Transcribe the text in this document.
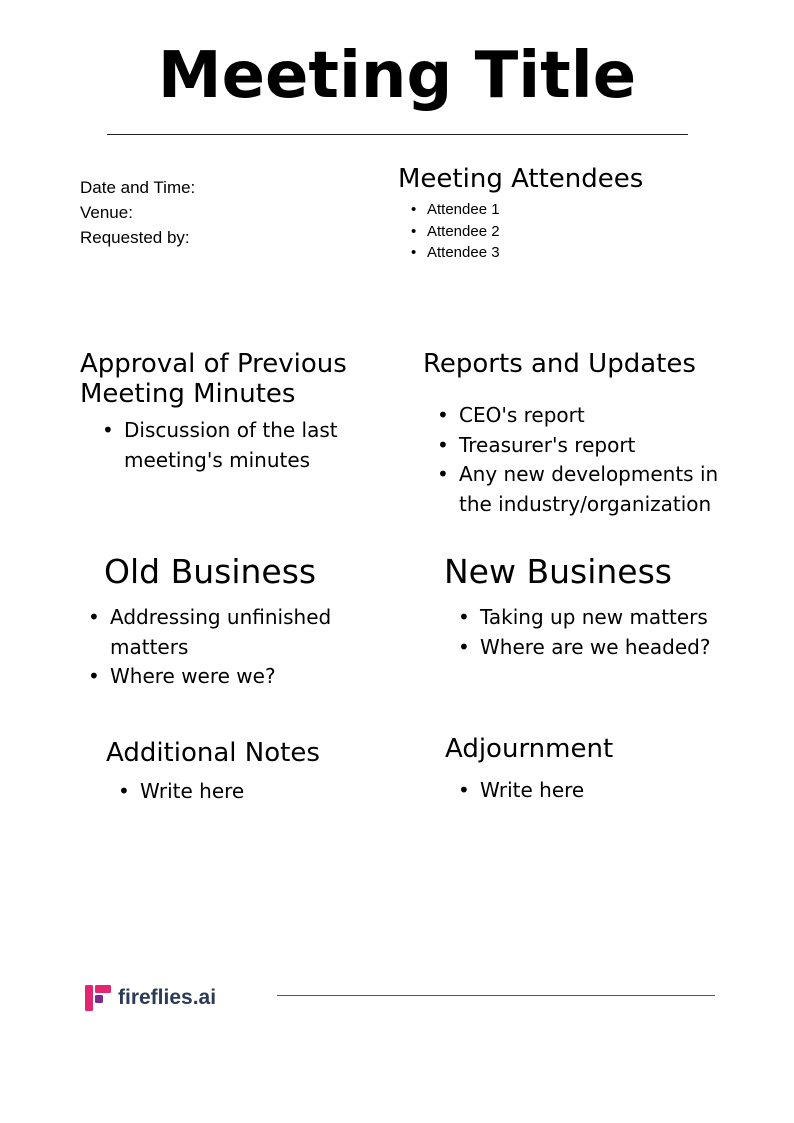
Meeting Title
Date and Time:
Venue:
Requested by:
Meeting Attendees
• Attendee 1
• Attendee 2
• Attendee 3
Approval of Previous
Meeting Minutes
• Discussion of the last meeting's minutes
Reports and Updates
• CEO's report
• Treasurer's report
• Any new developments in the industry/organization
Old Business
• Addressing unfinished matters
• Where were we?
New Business
• Taking up new matters
• Where are we headed?
Additional Notes
• Write here
Adjournment
• Write here
fireflies.ai
